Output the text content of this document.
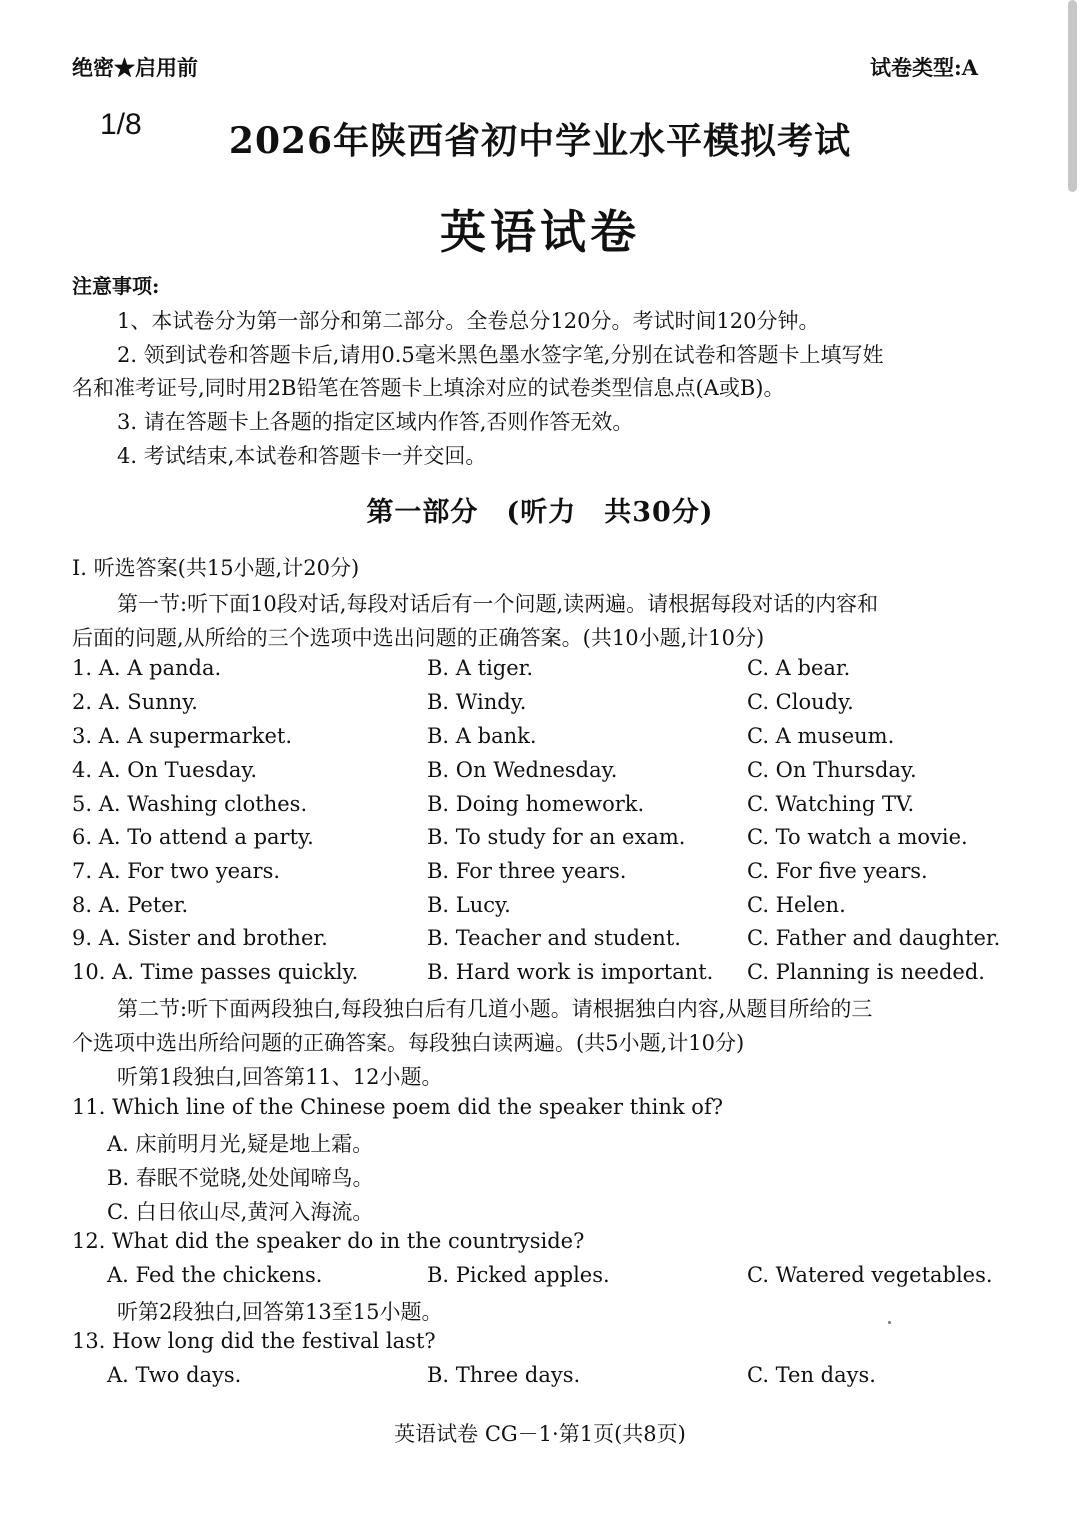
绝密★启用前	试卷类型:A
1/8	2026年陕西省初中学业水平模拟考试
英语试卷
注意事项:
1、本试卷分为第一部分和第二部分。全卷总分120分。考试时间120分钟。
2. 领到试卷和答题卡后,请用0.5毫米黑色墨水签字笔,分别在试卷和答题卡上填写姓
名和准考证号,同时用2B铅笔在答题卡上填涂对应的试卷类型信息点(A或B)。
3. 请在答题卡上各题的指定区域内作答,否则作答无效。
4. 考试结束,本试卷和答题卡一并交回。
第一部分　(听力　共30分)
Ⅰ. 听选答案(共15小题,计20分)
第一节:听下面10段对话,每段对话后有一个问题,读两遍。请根据每段对话的内容和
后面的问题,从所给的三个选项中选出问题的正确答案。(共10小题,计10分)
1. A. A panda.	B. A tiger.	C. A bear.
2. A. Sunny.	B. Windy.	C. Cloudy.
3. A. A supermarket.	B. A bank.	C. A museum.
4. A. On Tuesday.	B. On Wednesday.	C. On Thursday.
5. A. Washing clothes.	B. Doing homework.	C. Watching TV.
6. A. To attend a party.	B. To study for an exam.	C. To watch a movie.
7. A. For two years.	B. For three years.	C. For five years.
8. A. Peter.	B. Lucy.	C. Helen.
9. A. Sister and brother.	B. Teacher and student.	C. Father and daughter.
10. A. Time passes quickly.	B. Hard work is important. C. Planning is needed.
第二节:听下面两段独白,每段独白后有几道小题。请根据独白内容,从题目所给的三
个选项中选出所给问题的正确答案。每段独白读两遍。(共5小题,计10分)
听第1段独白,回答第11、12小题。
11. Which line of the Chinese poem did the speaker think of?
A. 床前明月光,疑是地上霜。
B. 春眠不觉晓,处处闻啼鸟。
C. 白日依山尽,黄河入海流。
12. What did the speaker do in the countryside?
A. Fed the chickens.	B. Picked apples.	C. Watered vegetables.
听第2段独白,回答第13至15小题。
13. How long did the festival last?
A. Two days.	B. Three days.	C. Ten days.
英语试卷 CG－1·第1页(共8页)
